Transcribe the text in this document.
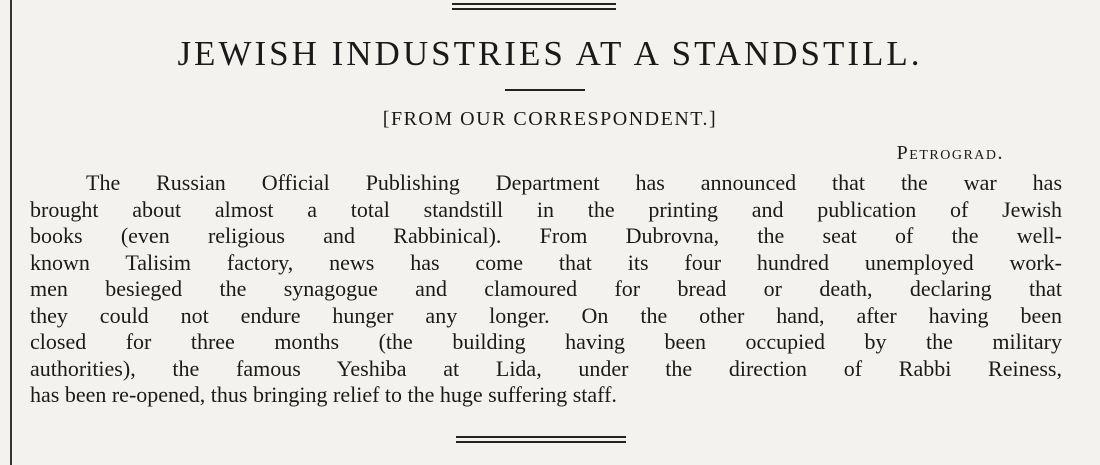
JEWISH INDUSTRIES AT A STANDSTILL.
[FROM OUR CORRESPONDENT.]
Petrograd.
The Russian Official Publishing Department has announced that the war has
brought about almost a total standstill in the printing and publication of Jewish
books (even religious and Rabbinical). From Dubrovna, the seat of the well-
known Talisim factory, news has come that its four hundred unemployed work-
men besieged the synagogue and clamoured for bread or death, declaring that
they could not endure hunger any longer. On the other hand, after having been
closed for three months (the building having been occupied by the military
authorities), the famous Yeshiba at Lida, under the direction of Rabbi Reiness,
has been re-opened, thus bringing relief to the huge suffering staff.
